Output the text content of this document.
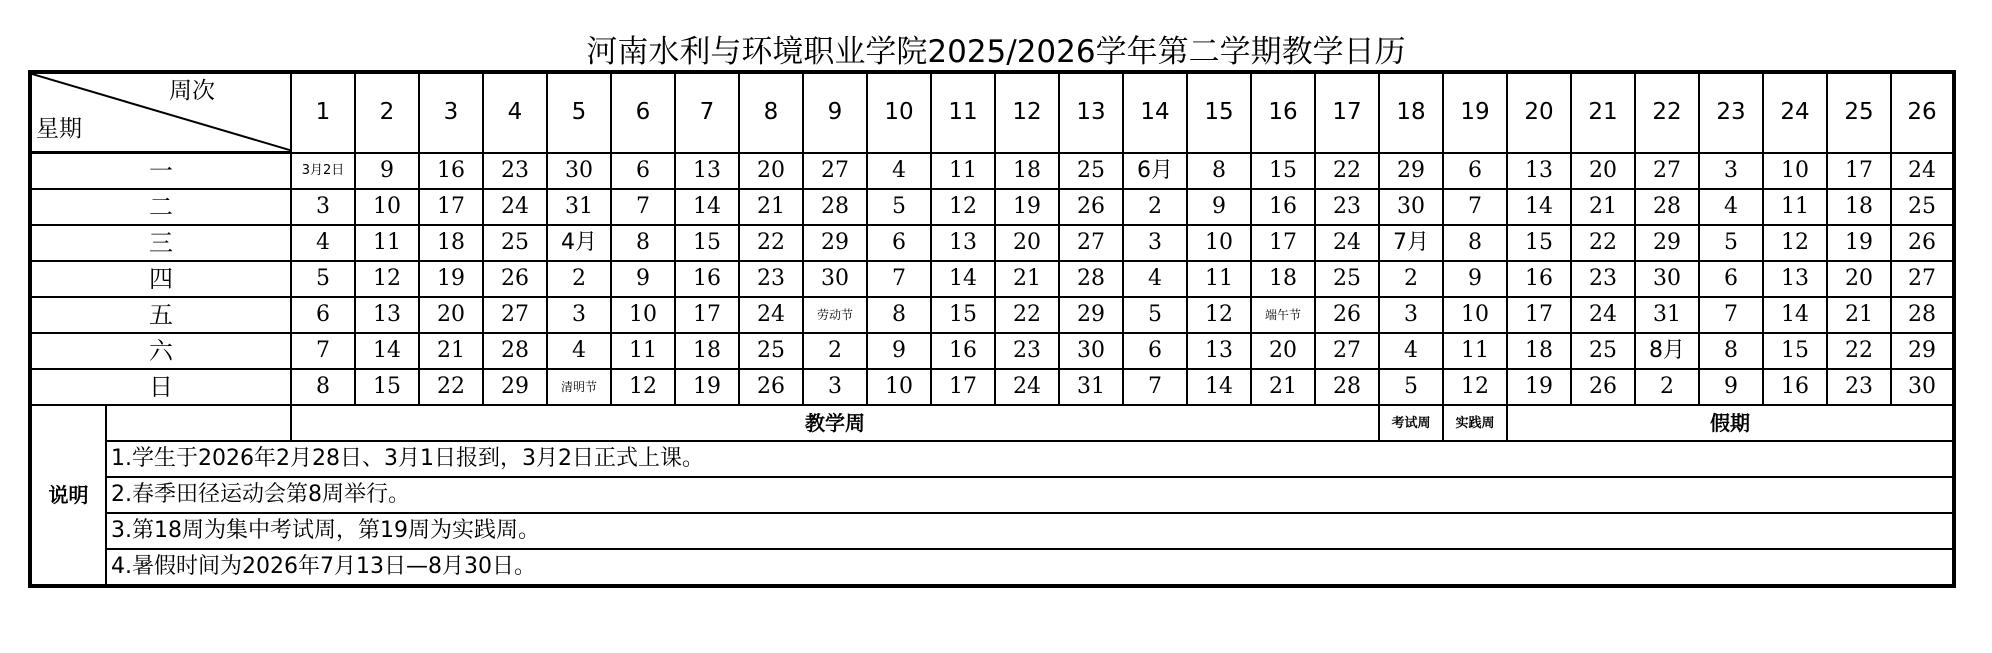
河南水利与环境职业学院2025/2026学年第二学期教学日历
周次
星期		1	2	3	4	5	6	7	8	9	10	11	12	13	14	15	16	17	18	19	20	21	22	23	24	25	26
一		3月2日	9	16	23	30	6	13	20	27	4	11	18	25	6月	8	15	22	29	6	13	20	27	3	10	17	24
二		3	10	17	24	31	7	14	21	28	5	12	19	26	2	9	16	23	30	7	14	21	28	4	11	18	25
三		4	11	18	25	4月	8	15	22	29	6	13	20	27	3	10	17	24	7月	8	15	22	29	5	12	19	26
四		5	12	19	26	2	9	16	23	30	7	14	21	28	4	11	18	25	2	9	16	23	30	6	13	20	27
五		6	13	20	27	3	10	17	24	劳动节	8	15	22	29	5	12	端午节	26	3	10	17	24	31	7	14	21	28
六		7	14	21	28	4	11	18	25	2	9	16	23	30	6	13	20	27	4	11	18	25	8月	8	15	22	29
日		8	15	22	29	清明节	12	19	26	3	10	17	24	31	7	14	21	28	5	12	19	26	2	9	16	23	30
说明		教学周																	考试周	实践周	假期						
	1.学生于2026年2月28日、3月1日报到，3月2日正式上课。																										
	2.春季田径运动会第8周举行。																										
	3.第18周为集中考试周，第19周为实践周。																										
	4.暑假时间为2026年7月13日—8月30日。																										
